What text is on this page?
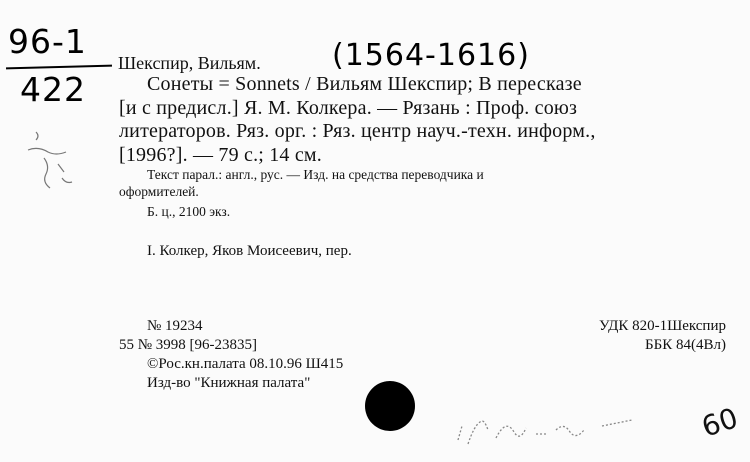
96-1
422
(1564-1616)
Шекспир, Вильям.
Сонеты = Sonnets / Вильям Шекспир; В пересказе
[и с предисл.] Я. М. Колкера. — Рязань : Проф. союз
литераторов. Ряз. орг. : Ряз. центр науч.-техн. информ.,
[1996?]. — 79 с.; 14 см.
Текст парал.: англ., рус. — Изд. на средства переводчика и
оформителей.
Б. ц., 2100 экз.
I. Колкер, Яков Моисеевич, пер.
№ 19234
55 № 3998 [96-23835]
©Рос.кн.палата 08.10.96 Ш415
Изд-во "Книжная палата"
УДК 820-1Шекспир
ББК 84(4Вл)
60
